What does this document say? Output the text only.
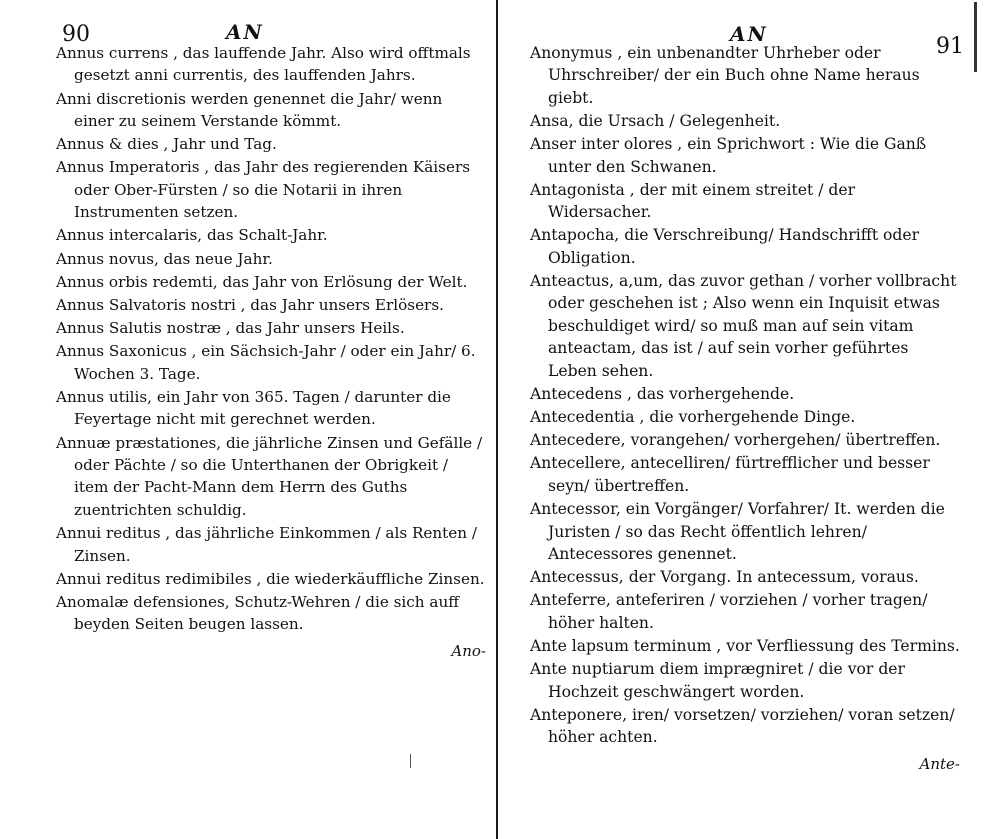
90	AN
Annus currens , das lauffende Jahr. Also wird offtmals gesetzt anni currentis, des lauffenden Jahrs.
Anni discretionis werden genennet die Jahr/ wenn einer zu seinem Verstande kömmt.
Annus & dies , Jahr und Tag.
Annus Imperatoris , das Jahr des regierenden Käisers oder Ober-Fürsten / so die Notarii in ihren Instrumenten setzen.
Annus intercalaris, das Schalt-Jahr.
Annus novus, das neue Jahr.
Annus orbis redemti, das Jahr von Erlösung der Welt.
Annus Salvatoris nostri , das Jahr unsers Erlösers.
Annus Salutis nostræ , das Jahr unsers Heils.
Annus Saxonicus , ein Sächsich-Jahr / oder ein Jahr/ 6. Wochen 3. Tage.
Annus utilis, ein Jahr von 365. Tagen / darunter die Feyertage nicht mit gerechnet werden.
Annuæ præstationes, die jährliche Zinsen und Gefälle / oder Pächte / so die Unterthanen der Obrigkeit / item der Pacht-Mann dem Herrn des Guths zuentrichten schuldig.
Annui reditus , das jährliche Einkommen / als Renten / Zinsen.
Annui reditus redimibiles , die wiederkäuffliche Zinsen.
Anomalæ defensiones, Schutz-Wehren / die sich auff beyden Seiten beugen lassen.
Ano-
AN	91
Anonymus , ein unbenandter Uhrheber oder Uhrschreiber/ der ein Buch ohne Name heraus giebt.
Ansa, die Ursach / Gelegenheit.
Anser inter olores , ein Sprichwort : Wie die Ganß unter den Schwanen.
Antagonista , der mit einem streitet / der Widersacher.
Antapocha, die Verschreibung/ Handschrifft oder Obligation.
Anteactus, a,um, das zuvor gethan / vorher vollbracht oder geschehen ist ; Also wenn ein Inquisit etwas beschuldiget wird/ so muß man auf sein vitam anteactam, das ist / auf sein vorher geführtes Leben sehen.
Antecedens , das vorhergehende.
Antecedentia , die vorhergehende Dinge.
Antecedere, vorangehen/ vorhergehen/ übertreffen.
Antecellere, antecelliren/ fürtrefflicher und besser seyn/ übertreffen.
Antecessor, ein Vorgänger/ Vorfahrer/ It. werden die Juristen / so das Recht öffentlich lehren/ Antecessores genennet.
Antecessus, der Vorgang. In antecessum, voraus.
Anteferre, anteferiren / vorziehen / vorher tragen/ höher halten.
Ante lapsum terminum , vor Verfliessung des Termins.
Ante nuptiarum diem imprægniret / die vor der Hochzeit geschwängert worden.
Anteponere, iren/ vorsetzen/ vorziehen/ voran setzen/ höher achten.
Ante-
